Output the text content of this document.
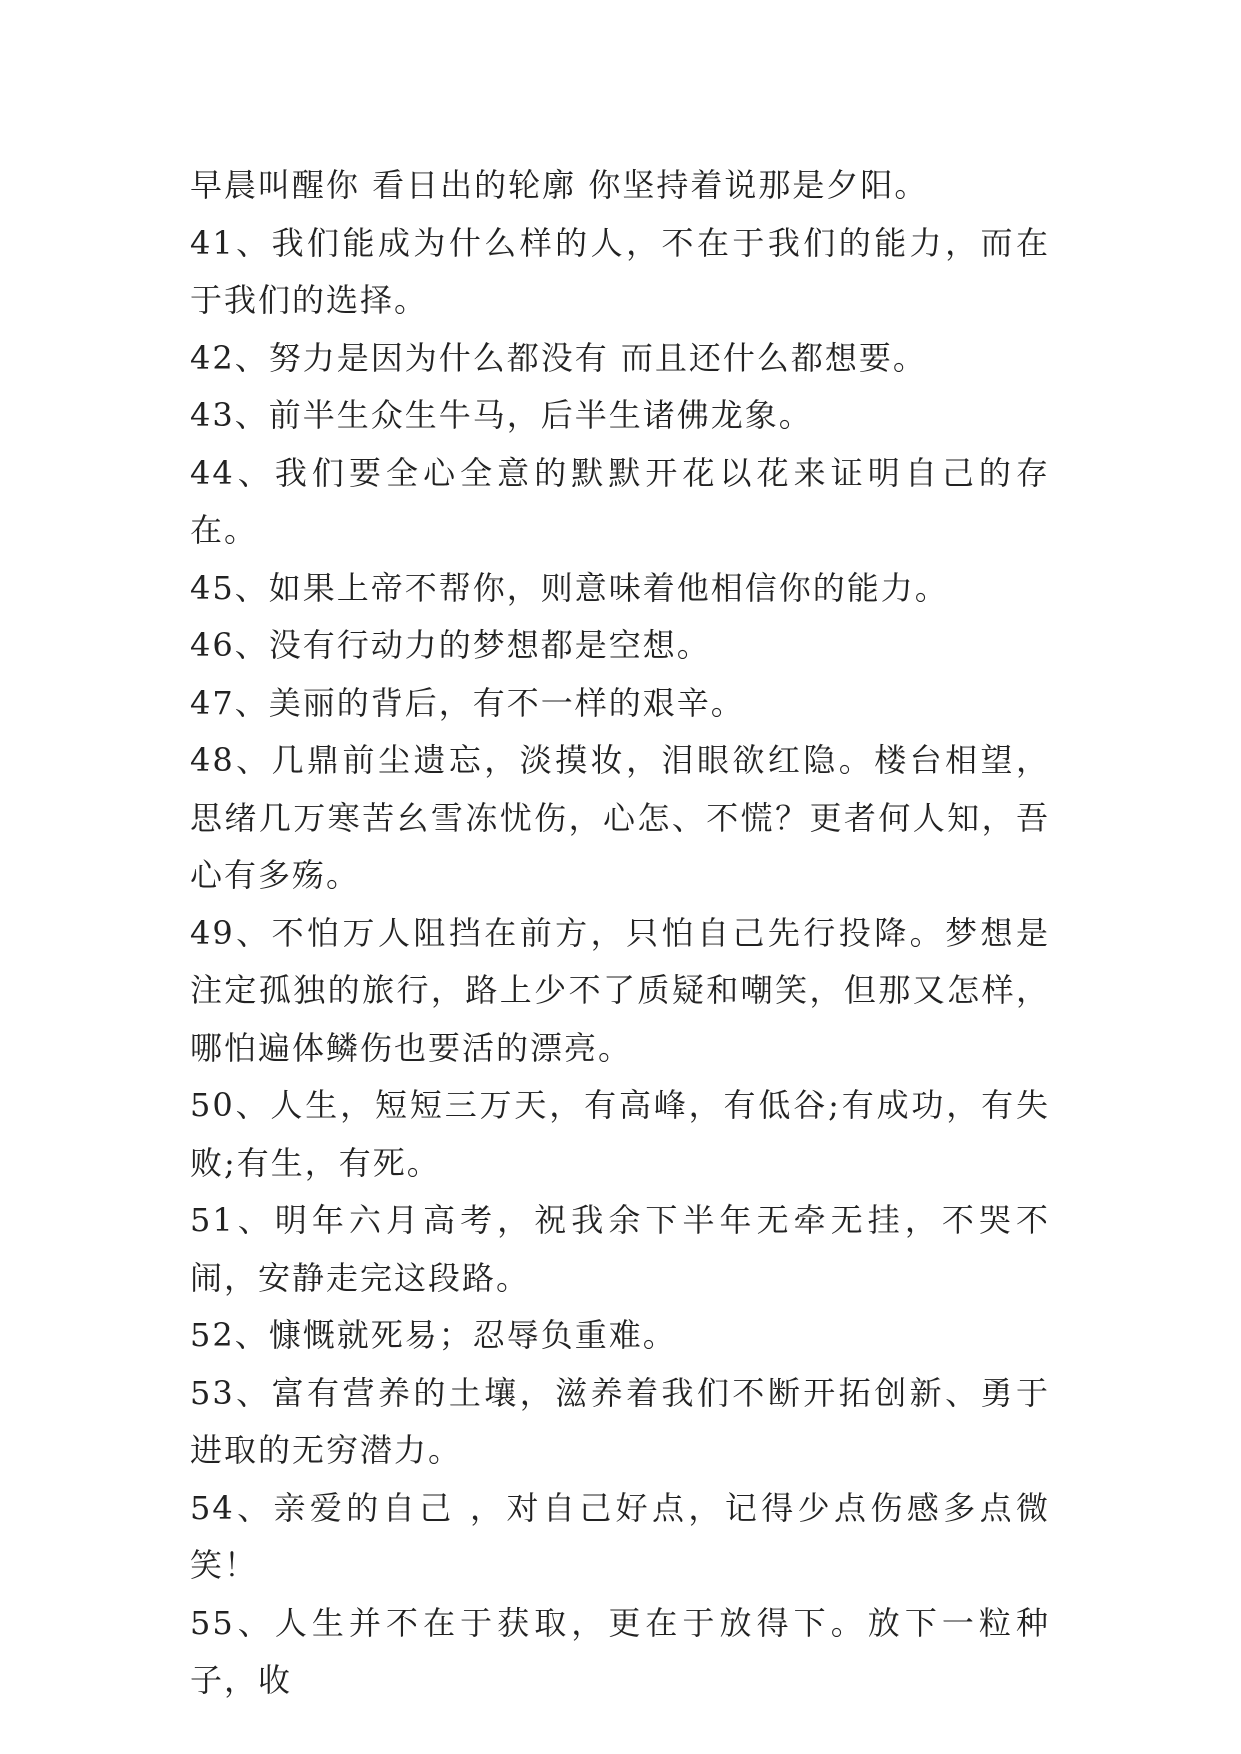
早晨叫醒你 看日出的轮廓 你坚持着说那是夕阳。

41、我们能成为什么样的人，不在于我们的能力，而在于我们的选择。

42、努力是因为什么都没有 而且还什么都想要。

43、前半生众生牛马，后半生诸佛龙象。

44、我们要全心全意的默默开花以花来证明自己的存在。

45、如果上帝不帮你，则意味着他相信你的能力。

46、没有行动力的梦想都是空想。

47、美丽的背后，有不一样的艰辛。

48、几鼎前尘遗忘，淡摸妆，泪眼欲红隐。楼台相望，思绪几万寒苦幺雪冻忧伤，心怎、不慌？更者何人知，吾心有多殇。

49、不怕万人阻挡在前方，只怕自己先行投降。梦想是注定孤独的旅行，路上少不了质疑和嘲笑，但那又怎样，哪怕遍体鳞伤也要活的漂亮。

50、人生，短短三万天，有高峰，有低谷;有成功，有失败;有生，有死。

51、明年六月高考，祝我余下半年无牵无挂，不哭不闹，安静走完这段路。

52、慷慨就死易；忍辱负重难。

53、富有营养的土壤，滋养着我们不断开拓创新、勇于进取的无穷潜力。

54、亲爱的自己 ，对自己好点，记得少点伤感多点微笑！

55、人生并不在于获取，更在于放得下。放下一粒种子，收
